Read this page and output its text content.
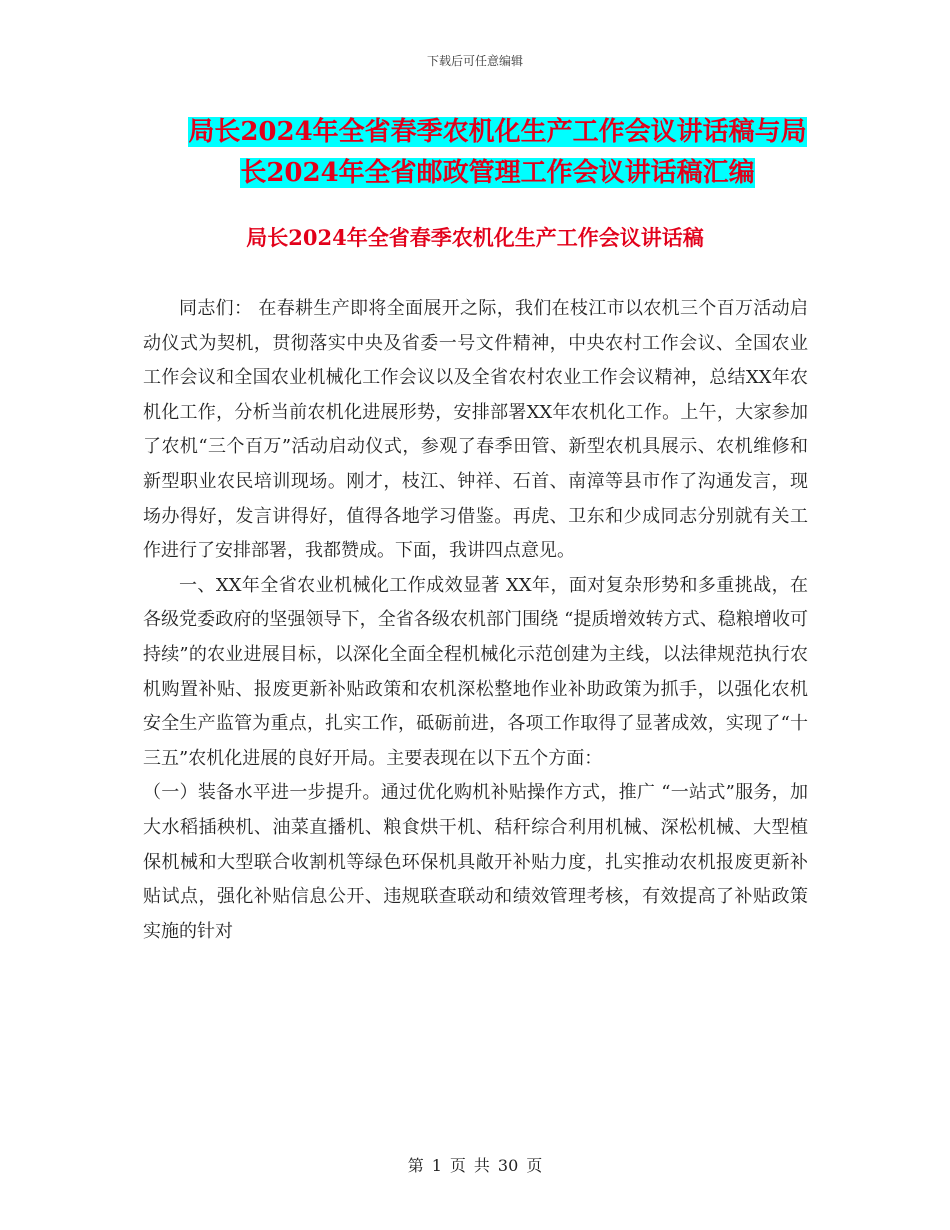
下载后可任意编辑
局长2024年全省春季农机化生产工作会议讲话稿与局
长2024年全省邮政管理工作会议讲话稿汇编
局长2024年全省春季农机化生产工作会议讲话稿

同志们： 在春耕生产即将全面展开之际，我们在枝江市以农机三个百万活动启动仪式为契机，贯彻落实中央及省委一号文件精神，中央农村工作会议、全国农业工作会议和全国农业机械化工作会议以及全省农村农业工作会议精神，总结XX年农机化工作，分析当前农机化进展形势，安排部署XX年农机化工作。上午，大家参加了农机“三个百万”活动启动仪式，参观了春季田管、新型农机具展示、农机维修和新型职业农民培训现场。刚才，枝江、钟祥、石首、南漳等县市作了沟通发言，现场办得好，发言讲得好，值得各地学习借鉴。再虎、卫东和少成同志分别就有关工作进行了安排部署，我都赞成。下面，我讲四点意见。

一、XX年全省农业机械化工作成效显著 XX年，面对复杂形势和多重挑战，在各级党委政府的坚强领导下，全省各级农机部门围绕 “提质增效转方式、稳粮增收可持续”的农业进展目标，以深化全面全程机械化示范创建为主线，以法律规范执行农机购置补贴、报废更新补贴政策和农机深松整地作业补助政策为抓手，以强化农机安全生产监管为重点，扎实工作，砥砺前进，各项工作取得了显著成效，实现了“十三五”农机化进展的良好开局。主要表现在以下五个方面：

（一）装备水平进一步提升。通过优化购机补贴操作方式，推广 “一站式”服务，加大水稻插秧机、油菜直播机、粮食烘干机、秸秆综合利用机械、深松机械、大型植保机械和大型联合收割机等绿色环保机具敞开补贴力度，扎实推动农机报废更新补贴试点，强化补贴信息公开、违规联查联动和绩效管理考核，有效提高了补贴政策实施的针对

第 1 页 共 30 页
